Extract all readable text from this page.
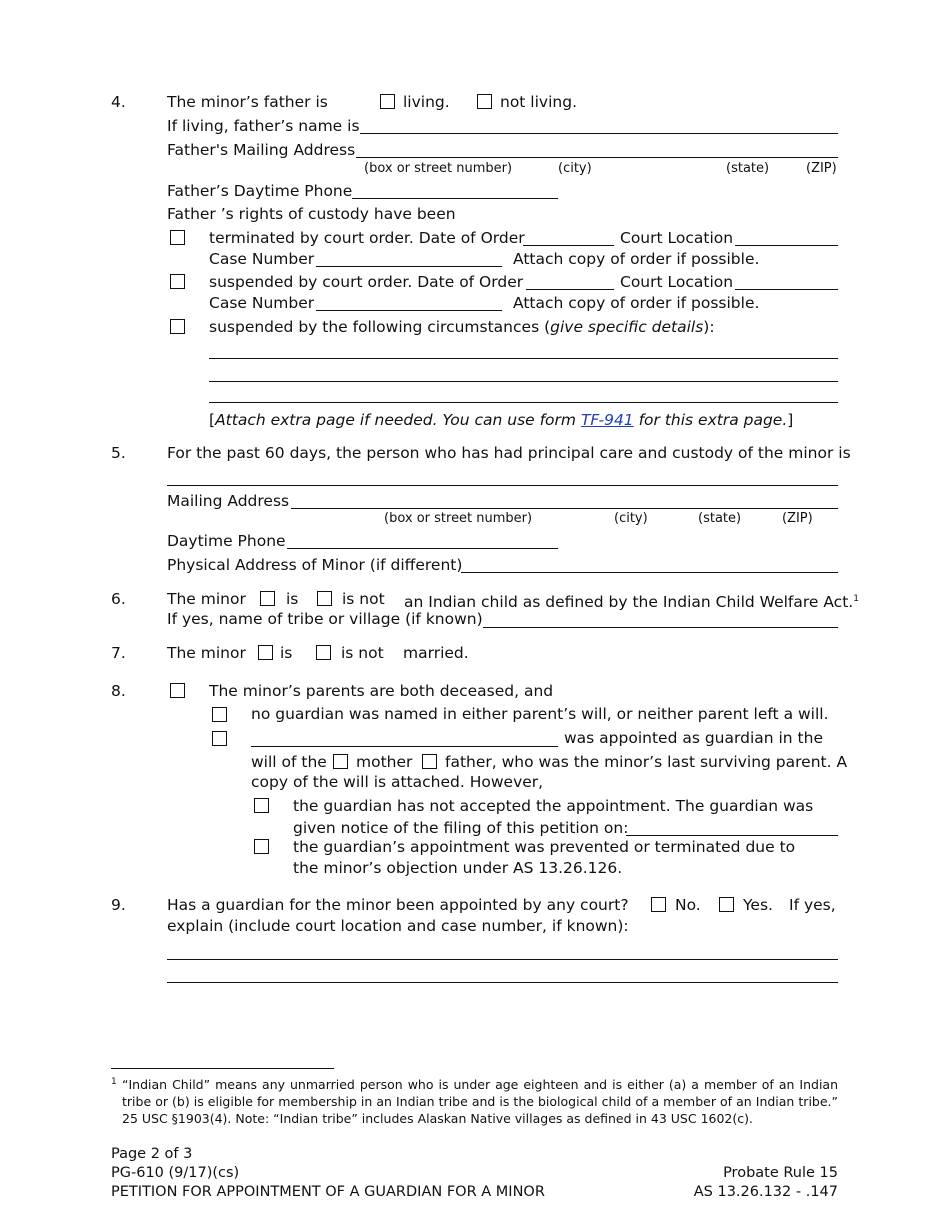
4.	The minor’s father is	living.	not living.
If living, father’s name is
Father's Mailing Address
(box or street number)	(city)	(state)	(ZIP)
Father’s Daytime Phone
Father ’s rights of custody have been
terminated by court order. Date of Order	Court Location
Case Number	Attach copy of order if possible.
suspended by court order. Date of Order	Court Location
Case Number	Attach copy of order if possible.
suspended by the following circumstances (give specific details):
[Attach extra page if needed. You can use form TF-941 for this extra page.]
5.	For the past 60 days, the person who has had principal care and custody of the minor is
Mailing Address
(box or street number)	(city)	(state)	(ZIP)
Daytime Phone
Physical Address of Minor (if different)
6.	The minor	is	is not an Indian child as defined by the Indian Child Welfare Act.$^1$
If yes, name of tribe or village (if known)
7.	The minor is	is not married.
8.	The minor’s parents are both deceased, and
no guardian was named in either parent’s will, or neither parent left a will.
was appointed as guardian in the
will of the mother father, who was the minor’s last surviving parent. A
copy of the will is attached. However,
the guardian has not accepted the appointment. The guardian was
given notice of the filing of this petition on:
the guardian’s appointment was prevented or terminated due to
the minor’s objection under AS 13.26.126.
9.	Has a guardian for the minor been appointed by any court?	No.	Yes. If yes,
explain (include court location and case number, if known):
$^1$ “Indian Child” means any unmarried person who is under age eighteen and is either (a) a member of an Indian
tribe or (b) is eligible for membership in an Indian tribe and is the biological child of a member of an Indian tribe.”
25 USC §1903(4). Note: “Indian tribe” includes Alaskan Native villages as defined in 43 USC 1602(c).
Page 2 of 3
PG-610 (9/17)(cs)
PETITION FOR APPOINTMENT OF A GUARDIAN FOR A MINOR
Probate Rule 15
AS 13.26.132 - .147
